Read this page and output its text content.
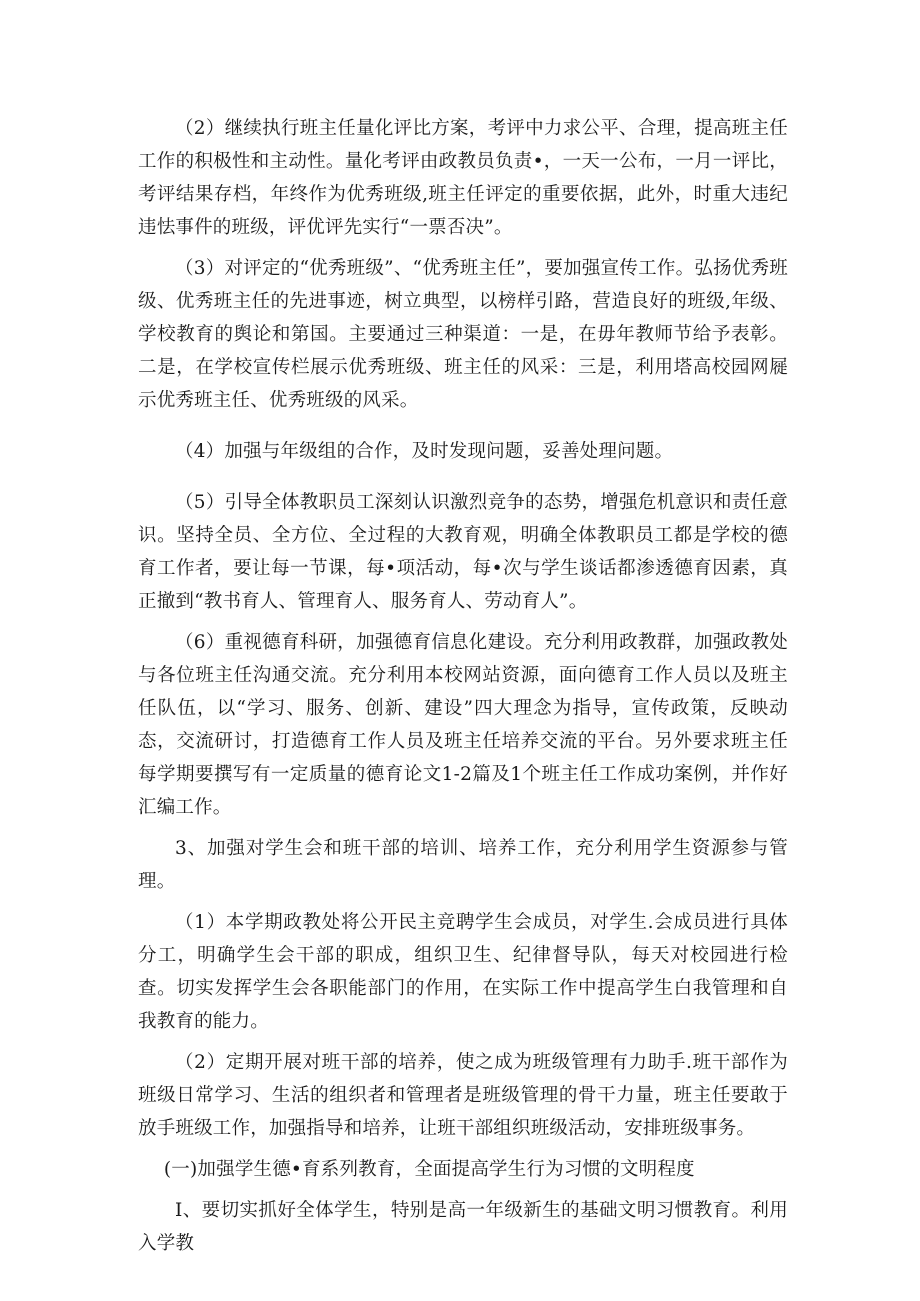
（2）继续执行班主任量化评比方案，考评中力求公平、合理，提高班主任工作的积极性和主动性。量化考评由政教员负责•，一天一公布，一月一评比，考评结果存档，年终作为优秀班级,班主任评定的重要依据，此外，时重大违纪违怯事件的班级，评优评先实行“一票否决”。

（3）对评定的“优秀班级”、“优秀班主任”，要加强宣传工作。弘扬优秀班级、优秀班主任的先进事迹，树立典型，以榜样引路，营造良好的班级,年级、学校教育的舆论和第国。主要通过三种渠道：一是，在毋年教师节给予表彰。二是，在学校宣传栏展示优秀班级、班主任的风采：三是，利用塔高校园网屣示优秀班主任、优秀班级的风采。

（4）加强与年级组的合作，及时发现问题，妥善处理问题。

（5）引导全体教职员工深刻认识激烈竞争的态势，增强危机意识和责任意识。坚持全员、全方位、全过程的大教育观，明确全体教职员工都是学校的德育工作者，要让每一节课，每•项活动，每•次与学生谈话都渗透德育因素，真正撤到“教书育人、管理育人、服务育人、劳动育人”。

（6）重视德育科研，加强德育信息化建设。充分利用政教群，加强政教处与各位班主任沟通交流。充分利用本校网站资源，面向德育工作人员以及班主任队伍，以“学习、服务、创新、建设”四大理念为指导，宣传政策，反映动态，交流研讨，打造德育工作人员及班主任培养交流的平台。另外要求班主任每学期要撰写有一定质量的德育论文1-2篇及1个班主任工作成功案例，并作好汇编工作。

3、加强对学生会和班干部的培训、培养工作，充分利用学生资源参与管理。

（1）本学期政教处将公开民主竞聘学生会成员，对学生.会成员进行具体分工，明确学生会干部的职成，组织卫生、纪律督导队，每天对校园进行检查。切实发挥学生会各职能部门的作用，在实际工作中提高学生白我管理和自我教育的能力。

（2）定期开展对班干部的培养，使之成为班级管理有力助手.班干部作为班级日常学习、生活的组织者和管理者是班级管理的骨干力量，班主任要敢于放手班级工作，加强指导和培养，让班干部组织班级活动，安排班级事务。

(一)加强学生德•育系列教育，全面提高学生行为习惯的文明程度

I、要切实抓好全体学生，特别是高一年级新生的基础文明习惯教育。利用入学教
